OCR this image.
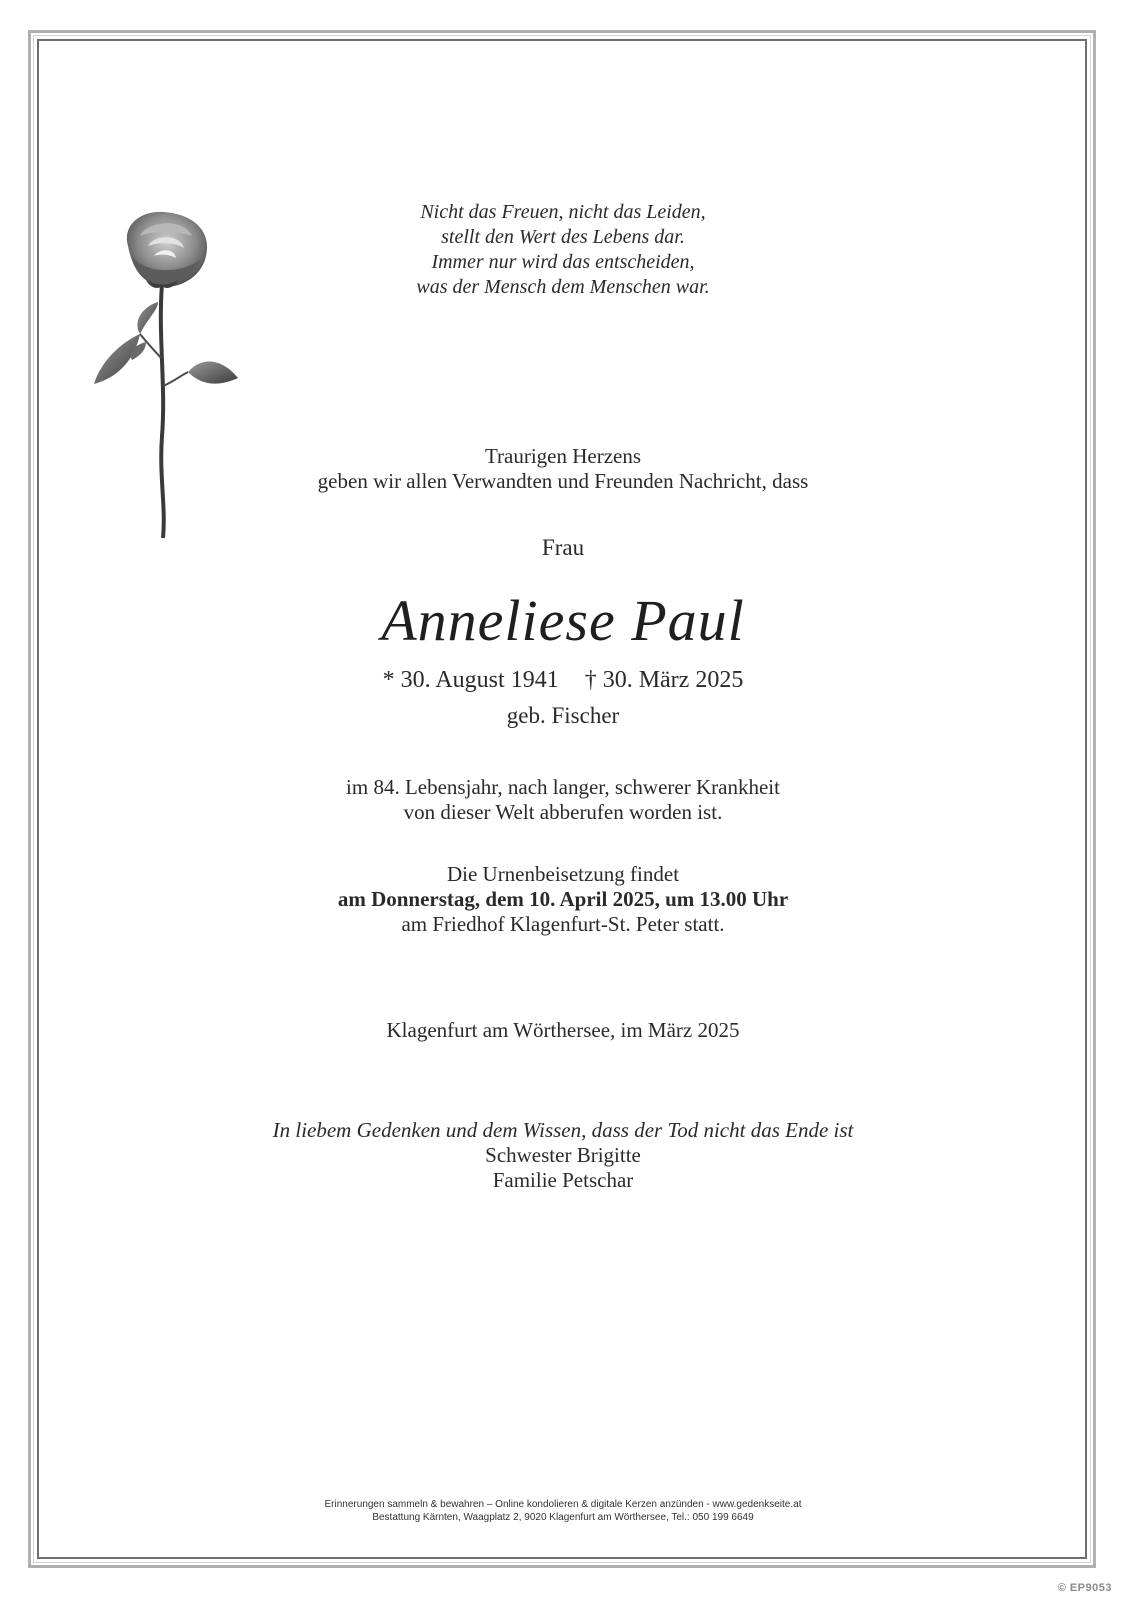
Nicht das Freuen, nicht das Leiden,
stellt den Wert des Lebens dar.
Immer nur wird das entscheiden,
was der Mensch dem Menschen war.
Traurigen Herzens
geben wir allen Verwandten und Freunden Nachricht, dass
Frau
Anneliese Paul
* 30. August 1941 † 30. März 2025
geb. Fischer
im 84. Lebensjahr, nach langer, schwerer Krankheit
von dieser Welt abberufen worden ist.
Die Urnenbeisetzung findet
am Donnerstag, dem 10. April 2025, um 13.00 Uhr
am Friedhof Klagenfurt-St. Peter statt.
Klagenfurt am Wörthersee, im März 2025
In liebem Gedenken und dem Wissen, dass der Tod nicht das Ende ist
Schwester Brigitte
Familie Petschar
Erinnerungen sammeln & bewahren – Online kondolieren & digitale Kerzen anzünden - www.gedenkseite.at
Bestattung Kärnten, Waagplatz 2, 9020 Klagenfurt am Wörthersee, Tel.: 050 199 6649
© EP9053
